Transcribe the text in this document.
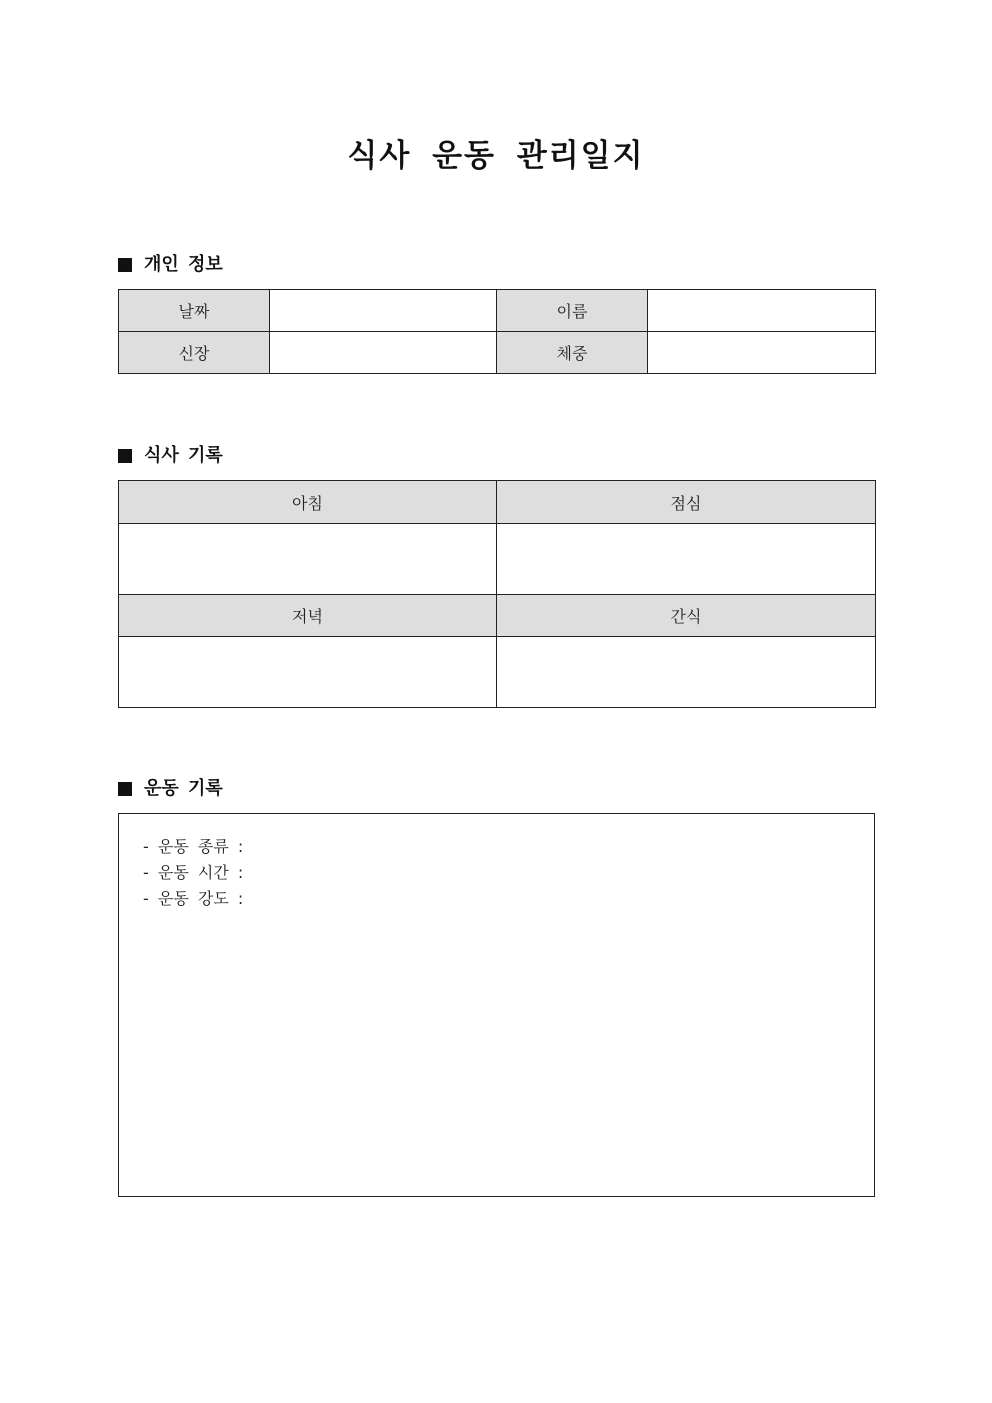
식사 운동 관리일지
개인 정보
날짜		이름	
신장		체중	
식사 기록
아침	점심

저녁	간식

운동 기록
- 운동 종류 :
- 운동 시간 :
- 운동 강도 :
